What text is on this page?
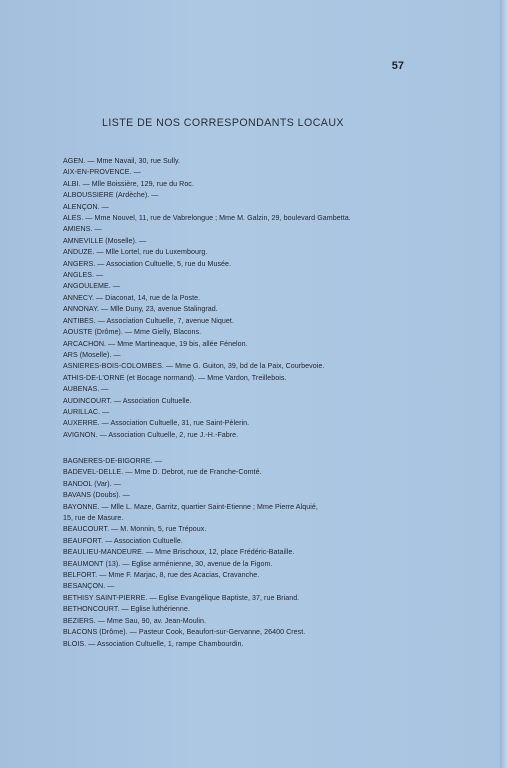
57
LISTE DE NOS CORRESPONDANTS LOCAUX
AGEN. — Mme Navail, 30, rue Sully.
AIX-EN-PROVENCE. —
ALBI. — Mlle Boissière, 129, rue du Roc.
ALBOUSSIERE (Ardèche). —
ALENÇON. —
ALES. — Mme Nouvel, 11, rue de Vabrelongue ; Mme M. Galzin, 29, boulevard Gambetta.
AMIENS. —
AMNEVILLE (Moselle). —
ANDUZE. — Mlle Lortel, rue du Luxembourg.
ANGERS. — Association Cultuelle, 5, rue du Musée.
ANGLES. —
ANGOULEME. —
ANNECY. — Diaconat, 14, rue de la Poste.
ANNONAY. — Mlle Duny, 23, avenue Stalingrad.
ANTIBES. — Association Cultuelle, 7, avenue Niquet.
AOUSTE (Drôme). — Mme Gielly, Blacons.
ARCACHON. — Mme Martineaque, 19 bis, allée Fénelon.
ARS (Moselle). —
ASNIERES-BOIS-COLOMBES. — Mme G. Guiton, 39, bd de la Paix, Courbevoie.
ATHIS-DE-L'ORNE (et Bocage normand). — Mme Vardon, Treillebois.
AUBENAS. —
AUDINCOURT. — Association Cultuelle.
AURILLAC. —
AUXERRE. — Association Cultuelle, 31, rue Saint-Pèlerin.
AVIGNON. — Association Cultuelle, 2, rue J.-H.-Fabre.
BAGNERES-DE-BIGORRE. —
BADEVEL-DELLE. — Mme D. Debrot, rue de Franche-Comté.
BANDOL (Var). —
BAVANS (Doubs). —
BAYONNE. — Mlle L. Maze, Garritz, quartier Saint-Etienne ; Mme Pierre Alquié,
15, rue de Masure.
BEAUCOURT. — M. Monnin, 5, rue Trépoux.
BEAUFORT. — Association Cultuelle.
BEAULIEU-MANDEURE. — Mme Brischoux, 12, place Frédéric-Bataille.
BEAUMONT (13). — Eglise arménienne, 30, avenue de la Figom.
BELFORT. — Mme F. Marjac, 8, rue des Acacias, Cravanche.
BESANÇON. —
BETHISY SAINT-PIERRE. — Eglise Evangélique Baptiste, 37, rue Briand.
BETHONCOURT. — Eglise luthérienne.
BEZIERS. — Mme Sau, 90, av. Jean-Moulin.
BLACONS (Drôme). — Pasteur Cook, Beaufort-sur-Gervanne, 26400 Crest.
BLOIS. — Association Cultuelle, 1, rampe Chambourdin.
